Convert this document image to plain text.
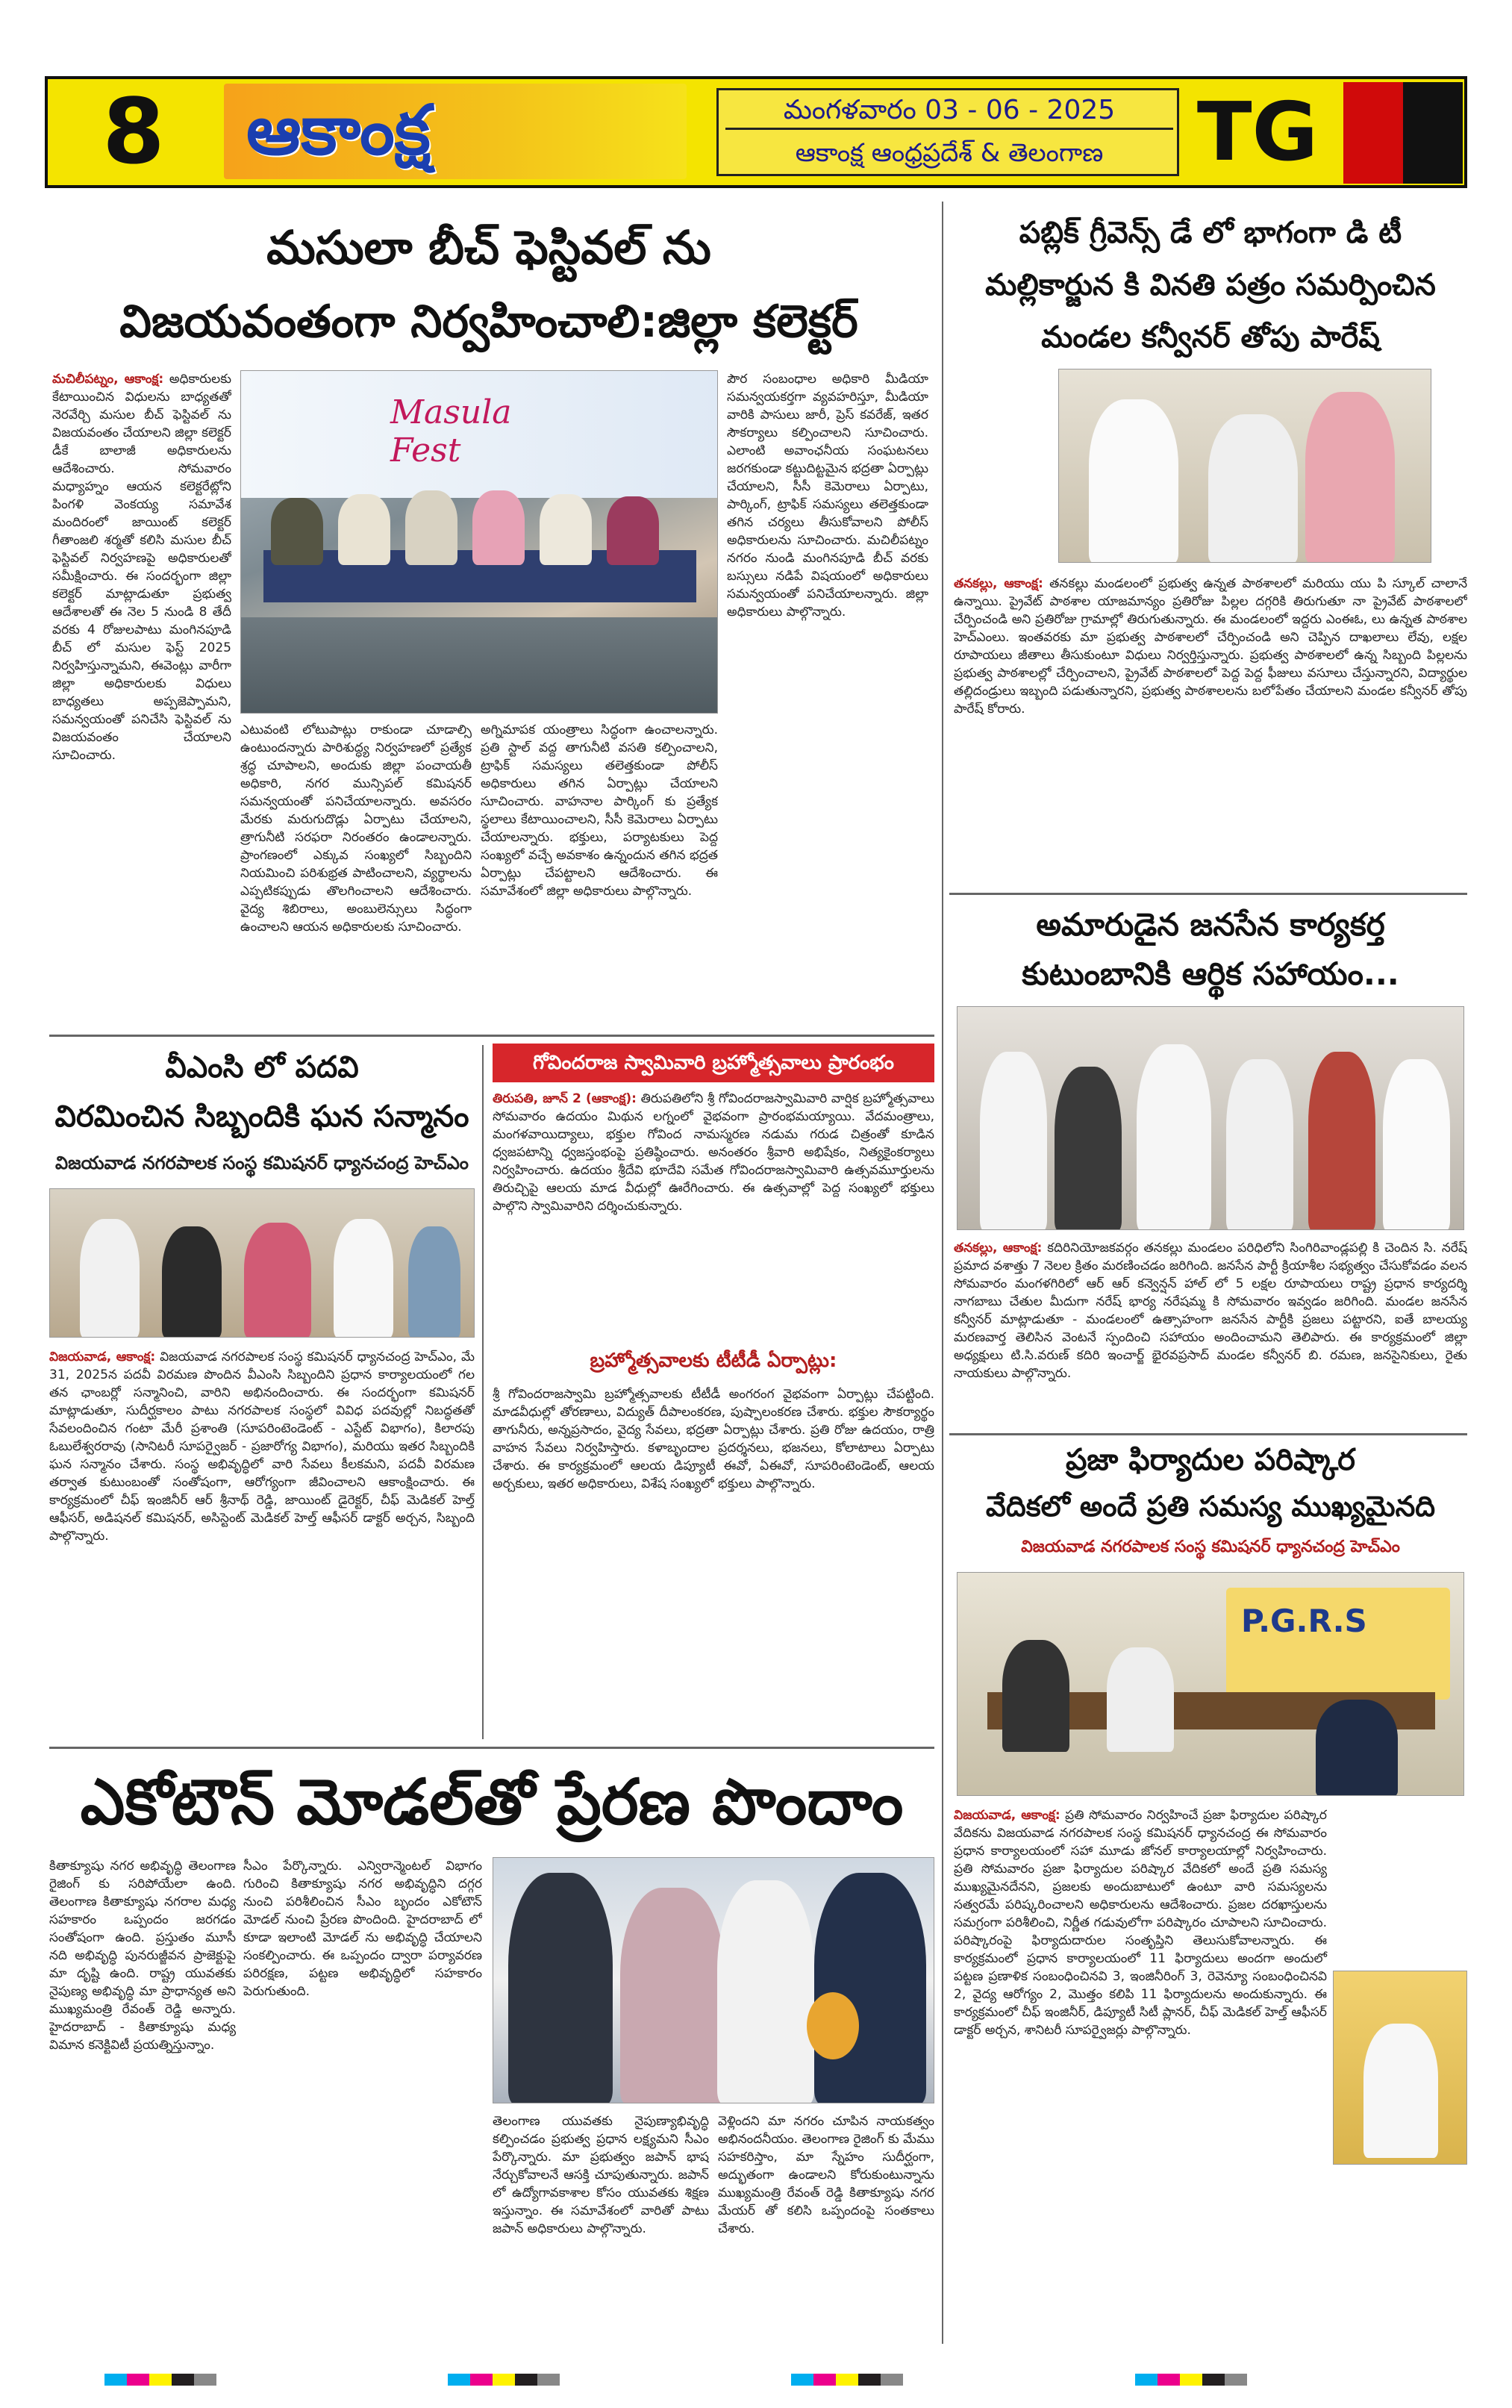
8	ఆకాంక్ష	మంగళవారం 03 - 06 - 2025
ఆకాంక్ష ఆంధ్రప్రదేశ్ & తెలంగాణ	TG
మసులా బీచ్ ఫెస్టివల్ ను
విజయవంతంగా నిర్వహించాలి:జిల్లా కలెక్టర్
మచిలీపట్నం, ఆకాంక్ష: అధికారులకు కేటాయించిన విధులను బాధ్యతతో నెరవేర్చి మసుల బీచ్ ఫెస్టివల్ ను విజయవంతం చేయాలని జిల్లా కలెక్టర్ డీకే బాలాజీ అధికారులను ఆదేశించారు. సోమవారం మధ్యాహ్నం ఆయన కలెక్టరేట్లోని పింగళి వెంకయ్య సమావేశ మందిరంలో జాయింట్ కలెక్టర్ గీతాంజలి శర్మతో కలిసి మసుల బీచ్ ఫెస్టివల్ నిర్వహణపై అధికారులతో సమీక్షించారు. ఈ సందర్భంగా జిల్లా కలెక్టర్ మాట్లాడుతూ ప్రభుత్వ ఆదేశాలతో ఈ నెల 5 నుండి 8 తేదీ వరకు 4 రోజులపాటు మంగినపూడి బీచ్ లో మసుల ఫెస్ట్ 2025 నిర్వహిస్తున్నామని, ఈవెంట్లు వారీగా జిల్లా అధికారులకు విధులు బాధ్యతలు అప్పజెప్పామని, సమన్వయంతో పనిచేసి ఫెస్టివల్ ను విజయవంతం చేయాలని సూచించారు.
Masula Fest
ఎటువంటి లోటుపాట్లు రాకుండా చూడాల్సి ఉంటుందన్నారు పారిశుద్ధ్య నిర్వహణలో ప్రత్యేక శ్రద్ధ చూపాలని, అందుకు జిల్లా పంచాయతీ అధికారి, నగర మున్సిపల్ కమిషనర్ సమన్వయంతో పనిచేయాలన్నారు. అవసరం మేరకు మరుగుదొడ్లు ఏర్పాటు చేయాలని, త్రాగునీటి సరఫరా నిరంతరం ఉండాలన్నారు. ప్రాంగణంలో ఎక్కువ సంఖ్యలో సిబ్బందిని నియమించి పరిశుభ్రత పాటించాలని, వ్యర్థాలను ఎప్పటికప్పుడు తొలగించాలని ఆదేశించారు. వైద్య శిబిరాలు, అంబులెన్సులు సిద్ధంగా ఉంచాలని ఆయన అధికారులకు సూచించారు.
అగ్నిమాపక యంత్రాలు సిద్ధంగా ఉంచాలన్నారు. ప్రతి స్టాల్ వద్ద తాగునీటి వసతి కల్పించాలని, ట్రాఫిక్ సమస్యలు తలెత్తకుండా పోలీస్ అధికారులు తగిన ఏర్పాట్లు చేయాలని సూచించారు. వాహనాల పార్కింగ్ కు ప్రత్యేక స్థలాలు కేటాయించాలని, సీసీ కెమెరాలు ఏర్పాటు చేయాలన్నారు. భక్తులు, పర్యాటకులు పెద్ద సంఖ్యలో వచ్చే అవకాశం ఉన్నందున తగిన భద్రత ఏర్పాట్లు చేపట్టాలని ఆదేశించారు. ఈ సమావేశంలో జిల్లా అధికారులు పాల్గొన్నారు.
పౌర సంబంధాల అధికారి మీడియా సమన్వయకర్తగా వ్యవహరిస్తూ, మీడియా వారికి పాసులు జారీ, ప్రెస్ కవరేజ్, ఇతర సౌకర్యాలు కల్పించాలని సూచించారు. ఎలాంటి అవాంఛనీయ సంఘటనలు జరగకుండా కట్టుదిట్టమైన భద్రతా ఏర్పాట్లు చేయాలని, సీసీ కెమెరాలు ఏర్పాటు, పార్కింగ్, ట్రాఫిక్ సమస్యలు తలెత్తకుండా తగిన చర్యలు తీసుకోవాలని పోలీస్ అధికారులను సూచించారు. మచిలీపట్నం నగరం నుండి మంగినపూడి బీచ్ వరకు బస్సులు నడిపే విషయంలో అధికారులు సమన్వయంతో పనిచేయాలన్నారు. జిల్లా అధికారులు పాల్గొన్నారు.
వీఎంసి లో పదవి
విరమించిన సిబ్బందికి ఘన సన్మానం
విజయవాడ నగరపాలక సంస్థ కమిషనర్ ధ్యానచంద్ర హెచ్ఎం
విజయవాడ, ఆకాంక్ష: విజయవాడ నగరపాలక సంస్థ కమిషనర్ ధ్యానచంద్ర హెచ్ఎం, మే 31, 2025న పదవీ విరమణ పొందిన వీఎంసి సిబ్బందిని ప్రధాన కార్యాలయంలో గల తన ఛాంబర్లో సన్మానించి, వారిని అభినందించారు. ఈ సందర్భంగా కమిషనర్ మాట్లాడుతూ, సుదీర్ఘకాలం పాటు నగరపాలక సంస్థలో వివిధ పదవుల్లో నిబద్ధతతో సేవలందించిన గంటా మేరీ ప్రశాంతి (సూపరింటెండెంట్ - ఎస్టేట్ విభాగం), కిలారపు ఓబులేశ్వరరావు (సానిటరీ సూపర్వైజర్ - ప్రజారోగ్య విభాగం), మరియు ఇతర సిబ్బందికి ఘన సన్మానం చేశారు. సంస్థ అభివృద్ధిలో వారి సేవలు కీలకమని, పదవీ విరమణ తర్వాత కుటుంబంతో సంతోషంగా, ఆరోగ్యంగా జీవించాలని ఆకాంక్షించారు. ఈ కార్యక్రమంలో చీఫ్ ఇంజినీర్ ఆర్ శ్రీనాథ్ రెడ్డి, జాయింట్ డైరెక్టర్, చీఫ్ మెడికల్ హెల్త్ ఆఫీసర్, అడిషనల్ కమిషనర్, అసిస్టెంట్ మెడికల్ హెల్త్ ఆఫీసర్ డాక్టర్ అర్చన, సిబ్బంది పాల్గొన్నారు.
గోవిందరాజ స్వామివారి బ్రహ్మోత్సవాలు ప్రారంభం
తిరుపతి, జూన్ 2 (ఆకాంక్ష): తిరుపతిలోని శ్రీ గోవిందరాజస్వామివారి వార్షిక బ్రహ్మోత్సవాలు సోమవారం ఉదయం మిథున లగ్నంలో వైభవంగా ప్రారంభమయ్యాయి. వేదమంత్రాలు, మంగళవాయిద్యాలు, భక్తుల గోవింద నామస్మరణ నడుమ గరుడ చిత్రంతో కూడిన ధ్వజపటాన్ని ధ్వజస్తంభంపై ప్రతిష్ఠించారు. అనంతరం శ్రీవారి అభిషేకం, నిత్యకైంకర్యాలు నిర్వహించారు. ఉదయం శ్రీదేవి భూదేవి సమేత గోవిందరాజస్వామివారి ఉత్సవమూర్తులను తిరుచ్చిపై ఆలయ మాడ వీధుల్లో ఊరేగించారు. ఈ ఉత్సవాల్లో పెద్ద సంఖ్యలో భక్తులు పాల్గొని స్వామివారిని దర్శించుకున్నారు.
బ్రహ్మోత్సవాలకు టీటీడీ ఏర్పాట్లు:
శ్రీ గోవిందరాజస్వామి బ్రహ్మోత్సవాలకు టీటీడీ అంగరంగ వైభవంగా ఏర్పాట్లు చేపట్టింది. మాడవీధుల్లో తోరణాలు, విద్యుత్ దీపాలంకరణ, పుష్పాలంకరణ చేశారు. భక్తుల సౌకర్యార్థం తాగునీరు, అన్నప్రసాదం, వైద్య సేవలు, భద్రతా ఏర్పాట్లు చేశారు. ప్రతి రోజు ఉదయం, రాత్రి వాహన సేవలు నిర్వహిస్తారు. కళాబృందాల ప్రదర్శనలు, భజనలు, కోలాటాలు ఏర్పాటు చేశారు. ఈ కార్యక్రమంలో ఆలయ డిప్యూటీ ఈవో, ఏఈవో, సూపరింటెండెంట్, ఆలయ అర్చకులు, ఇతర అధికారులు, విశేష సంఖ్యలో భక్తులు పాల్గొన్నారు.
ఎకోటౌన్ మోడల్‌తో ప్రేరణ పొందాం
కితాక్యూషు నగర అభివృద్ధి తెలంగాణ రైజింగ్ కు సరిపోయేలా ఉంది. తెలంగాణ కితాక్యూషు నగరాల మధ్య సహకారం ఒప్పందం జరగడం సంతోషంగా ఉంది. ప్రస్తుతం మూసీ నది అభివృద్ధి పునరుజ్జీవన ప్రాజెక్టుపై మా దృష్టి ఉంది. రాష్ట్ర యువతకు నైపుణ్య అభివృద్ధి మా ప్రాధాన్యత అని ముఖ్యమంత్రి రేవంత్ రెడ్డి అన్నారు. హైదరాబాద్ - కితాక్యూషు మధ్య విమాన కనెక్టివిటీ ప్రయత్నిస్తున్నాం.
సీఎం పేర్కొన్నారు. ఎన్విరాన్మెంటల్ విభాగం గురించి కితాక్యూషు నగర అభివృద్ధిని దగ్గర నుంచి పరిశీలించిన సీఎం బృందం ఎకోటౌన్ మోడల్ నుంచి ప్రేరణ పొందింది. హైదరాబాద్ లో కూడా ఇలాంటి మోడల్ ను అభివృద్ధి చేయాలని సంకల్పించారు. ఈ ఒప్పందం ద్వారా పర్యావరణ పరిరక్షణ, పట్టణ అభివృద్ధిలో సహకారం పెరుగుతుంది.
తెలంగాణ యువతకు నైపుణ్యాభివృద్ధి కల్పించడం ప్రభుత్వ ప్రధాన లక్ష్యమని సీఎం పేర్కొన్నారు. మా ప్రభుత్వం జపాన్ భాష నేర్చుకోవాలనే ఆసక్తి చూపుతున్నారు. జపాన్ లో ఉద్యోగావకాశాల కోసం యువతకు శిక్షణ ఇస్తున్నాం. ఈ సమావేశంలో వారితో పాటు జపాన్ అధికారులు పాల్గొన్నారు.
వెళ్లిందని మా నగరం చూపిన నాయకత్వం అభినందనీయం. తెలంగాణ రైజింగ్ కు మేము సహకరిస్తాం, మా స్నేహం సుదీర్ఘంగా, అద్భుతంగా ఉండాలని కోరుకుంటున్నాను ముఖ్యమంత్రి రేవంత్ రెడ్డి కితాక్యూషు నగర మేయర్ తో కలిసి ఒప్పందంపై సంతకాలు చేశారు.
పబ్లిక్ గ్రీవెన్స్ డే లో భాగంగా డి టీ
మల్లికార్జున కి వినతి పత్రం సమర్పించిన
మండల కన్వీనర్ తోపు పారేష్
తనకల్లు, ఆకాంక్ష: తనకల్లు మండలంలో ప్రభుత్వ ఉన్నత పాఠశాలలో మరియు యు పి స్కూల్ చాలానే ఉన్నాయి. ప్రైవేట్ పాఠశాల యాజమాన్యం ప్రతిరోజు పిల్లల దగ్గరికి తిరుగుతూ నా ప్రైవేట్ పాఠశాలలో చేర్పించండి అని ప్రతిరోజు గ్రామాల్లో తిరుగుతున్నారు. ఈ మండలంలో ఇద్దరు ఎంఈఓ, లు ఉన్నత పాఠశాల హెచ్ఎంలు. ఇంతవరకు మా ప్రభుత్వ పాఠశాలలో చేర్పించండి అని చెప్పిన దాఖలాలు లేవు, లక్షల రూపాయలు జీతాలు తీసుకుంటూ విధులు నిర్వర్తిస్తున్నారు. ప్రభుత్వ పాఠశాలలో ఉన్న సిబ్బంది పిల్లలను ప్రభుత్వ పాఠశాలల్లో చేర్పించాలని, ప్రైవేట్ పాఠశాలలో పెద్ద పెద్ద ఫీజులు వసూలు చేస్తున్నారని, విద్యార్థుల తల్లిదండ్రులు ఇబ్బంది పడుతున్నారని, ప్రభుత్వ పాఠశాలలను బలోపేతం చేయాలని మండల కన్వీనర్ తోపు పారేష్ కోరారు.
అమారుడైన జనసేన కార్యకర్త
కుటుంబానికి ఆర్థిక సహాయం...
తనకల్లు, ఆకాంక్ష: కదిరినియోజకవర్గం తనకల్లు మండలం పరిధిలోని సింగిరివాండ్లపల్లి కి చెందిన సి. నరేష్ ప్రమాద వశాత్తు 7 నెలల క్రితం మరణించడం జరిగింది. జనసేన పార్టీ క్రియాశీల సభ్యత్వం చేసుకోవడం వలన సోమవారం మంగళగిరిలో ఆర్ ఆర్ కన్వెన్షన్ హాల్ లో 5 లక్షల రూపాయలు రాష్ట్ర ప్రధాన కార్యదర్శి నాగబాబు చేతుల మీదుగా నరేష్ భార్య నరేషమ్మ కి సోమవారం ఇవ్వడం జరిగింది. మండల జనసేన కన్వీనర్ మాట్లాడుతూ - మండలంలో ఉత్సాహంగా జనసేన పార్టీకి ప్రజలు పట్టారని, ఐతే బాలయ్య మరణవార్త తెలిసిన వెంటనే స్పందించి సహాయం అందించామని తెలిపారు. ఈ కార్యక్రమంలో జిల్లా అధ్యక్షులు టి.సి.వరుణ్ కదిరి ఇంచార్జ్ భైరవప్రసాద్ మండల కన్వీనర్ బి. రమణ, జనసైనికులు, రైతు నాయకులు పాల్గొన్నారు.
ప్రజా ఫిర్యాదుల పరిష్కార
వేదికలో అందే ప్రతి సమస్య ముఖ్యమైనది
విజయవాడ నగరపాలక సంస్థ కమిషనర్ ధ్యానచంద్ర హెచ్ఎం
P.G.R.S
విజయవాడ, ఆకాంక్ష: ప్రతి సోమవారం నిర్వహించే ప్రజా ఫిర్యాదుల పరిష్కార వేదికను విజయవాడ నగరపాలక సంస్థ కమిషనర్ ధ్యానచంద్ర ఈ సోమవారం ప్రధాన కార్యాలయంలో సహా మూడు జోనల్ కార్యాలయాల్లో నిర్వహించారు. ప్రతి సోమవారం ప్రజా ఫిర్యాదుల పరిష్కార వేదికలో అందే ప్రతి సమస్య ముఖ్యమైనదేనని, ప్రజలకు అందుబాటులో ఉంటూ వారి సమస్యలను సత్వరమే పరిష్కరించాలని అధికారులను ఆదేశించారు. ప్రజల దరఖాస్తులను సమగ్రంగా పరిశీలించి, నిర్ణీత గడువులోగా పరిష్కారం చూపాలని సూచించారు. పరిష్కారంపై ఫిర్యాదుదారుల సంతృప్తిని తెలుసుకోవాలన్నారు. ఈ కార్యక్రమంలో ప్రధాన కార్యాలయంలో 11 ఫిర్యాదులు అందగా అందులో పట్టణ ప్రణాళిక సంబంధించినవి 3, ఇంజినీరింగ్ 3, రెవెన్యూ సంబంధించినవి 2, వైద్య ఆరోగ్యం 2, మొత్తం కలిపి 11 ఫిర్యాదులను అందుకున్నారు. ఈ కార్యక్రమంలో చీఫ్ ఇంజినీర్, డిప్యూటీ సిటీ ప్లానర్, చీఫ్ మెడికల్ హెల్త్ ఆఫీసర్ డాక్టర్ అర్చన, శానిటరీ సూపర్వైజర్లు పాల్గొన్నారు.
